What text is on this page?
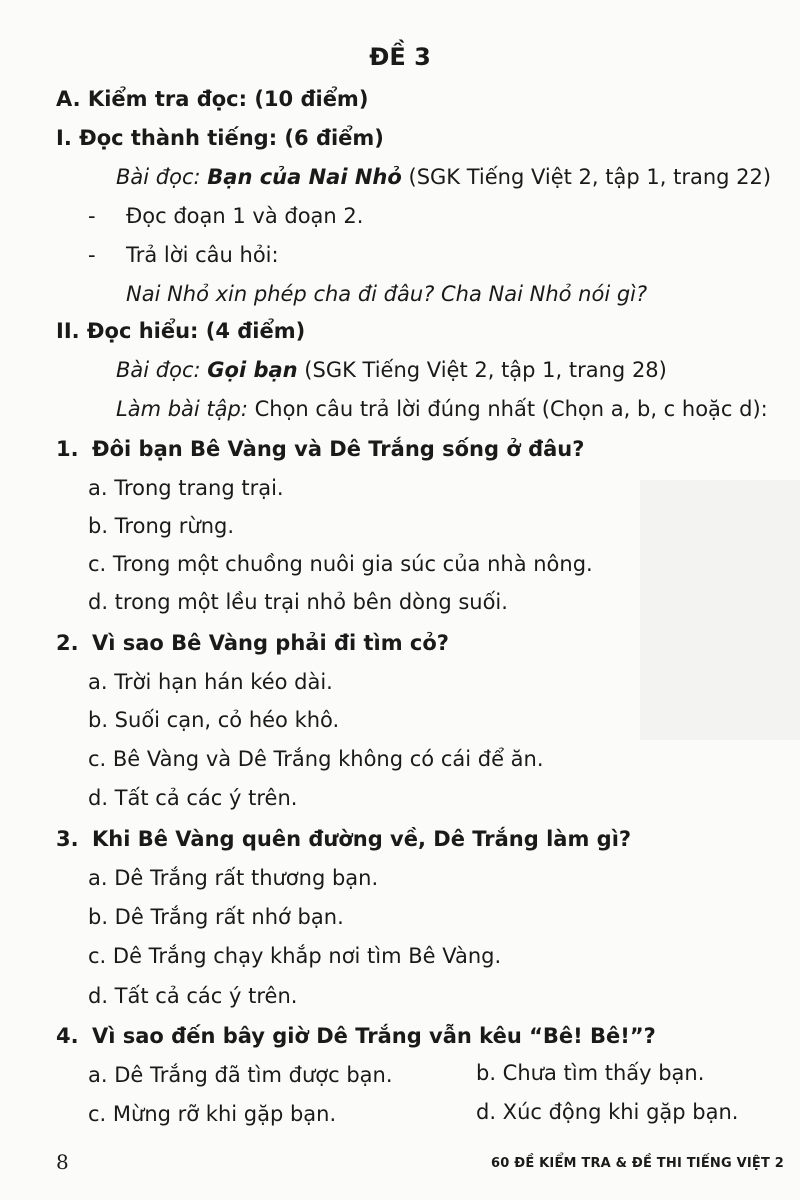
ĐỀ 3
A. Kiểm tra đọc: (10 điểm)
I. Đọc thành tiếng: (6 điểm)
Bài đọc: Bạn của Nai Nhỏ (SGK Tiếng Việt 2, tập 1, trang 22)
- Đọc đoạn 1 và đoạn 2.
- Trả lời câu hỏi:
Nai Nhỏ xin phép cha đi đâu? Cha Nai Nhỏ nói gì?
II. Đọc hiểu: (4 điểm)
Bài đọc: Gọi bạn (SGK Tiếng Việt 2, tập 1, trang 28)
Làm bài tập: Chọn câu trả lời đúng nhất (Chọn a, b, c hoặc d):
1. Đôi bạn Bê Vàng và Dê Trắng sống ở đâu?
a. Trong trang trại.
b. Trong rừng.
c. Trong một chuồng nuôi gia súc của nhà nông.
d. trong một lều trại nhỏ bên dòng suối.
2. Vì sao Bê Vàng phải đi tìm cỏ?
a. Trời hạn hán kéo dài.
b. Suối cạn, cỏ héo khô.
c. Bê Vàng và Dê Trắng không có cái để ăn.
d. Tất cả các ý trên.
3. Khi Bê Vàng quên đường về, Dê Trắng làm gì?
a. Dê Trắng rất thương bạn.
b. Dê Trắng rất nhớ bạn.
c. Dê Trắng chạy khắp nơi tìm Bê Vàng.
d. Tất cả các ý trên.
4. Vì sao đến bây giờ Dê Trắng vẫn kêu “Bê! Bê!”?
a. Dê Trắng đã tìm được bạn.	b. Chưa tìm thấy bạn.
c. Mừng rỡ khi gặp bạn.	d. Xúc động khi gặp bạn.
8	60 ĐỀ KIỂM TRA & ĐỀ THI TIẾNG VIỆT 2
